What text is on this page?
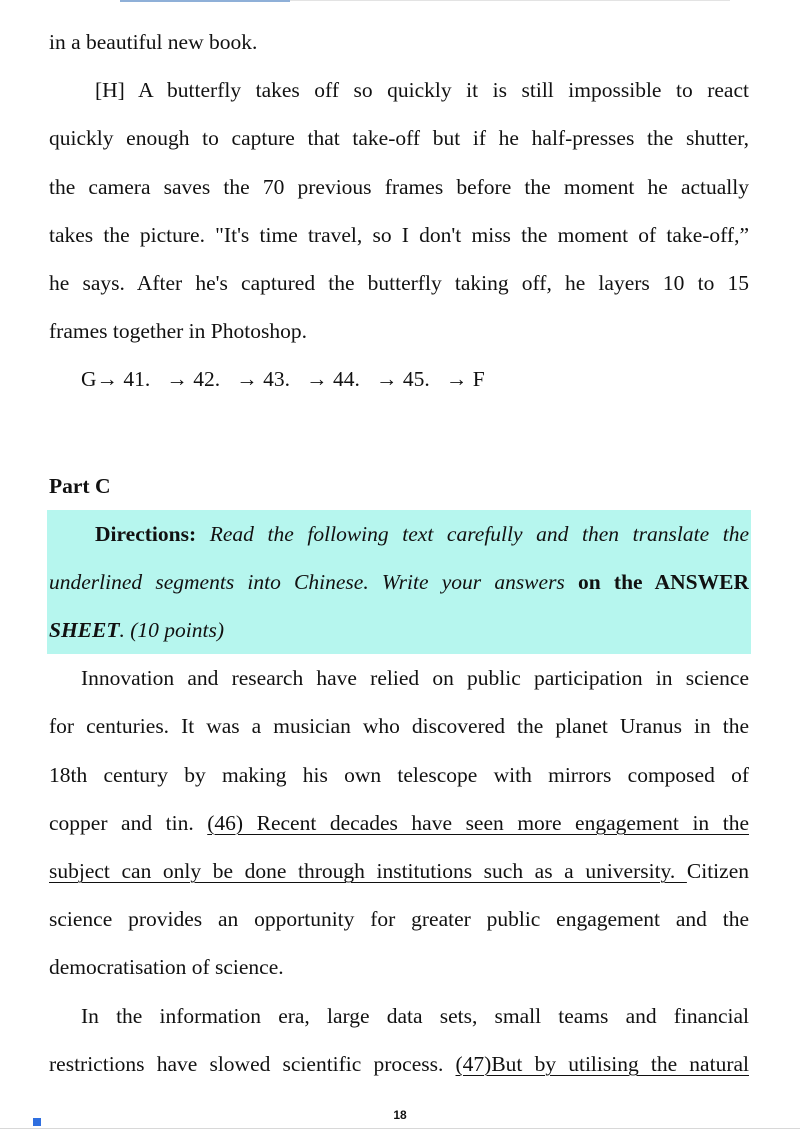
in a beautiful new book.
[H] A butterfly takes off so quickly it is still impossible to react
quickly enough to capture that take-off but if he half-presses the shutter,
the camera saves the 70 previous frames before the moment he actually
takes the picture. "It's time travel, so I don't miss the moment of take-off,”
he says. After he's captured the butterfly taking off, he layers 10 to 15
frames together in Photoshop.
G→ 41.   → 42.   → 43.   → 44.   → 45.   → F
Part C
Directions: Read the following text carefully and then translate the
underlined segments into Chinese. Write your answers on the ANSWER
SHEET. (10 points)
Innovation and research have relied on public participation in science
for centuries. It was a musician who discovered the planet Uranus in the
18th century by making his own telescope with mirrors composed of
copper and tin. (46) Recent decades have seen more engagement in the
subject can only be done through institutions such as a university. Citizen
science provides an opportunity for greater public engagement and the
democratisation of science.
In the information era, large data sets, small teams and financial
restrictions have slowed scientific process. (47)But by utilising the natural
18
